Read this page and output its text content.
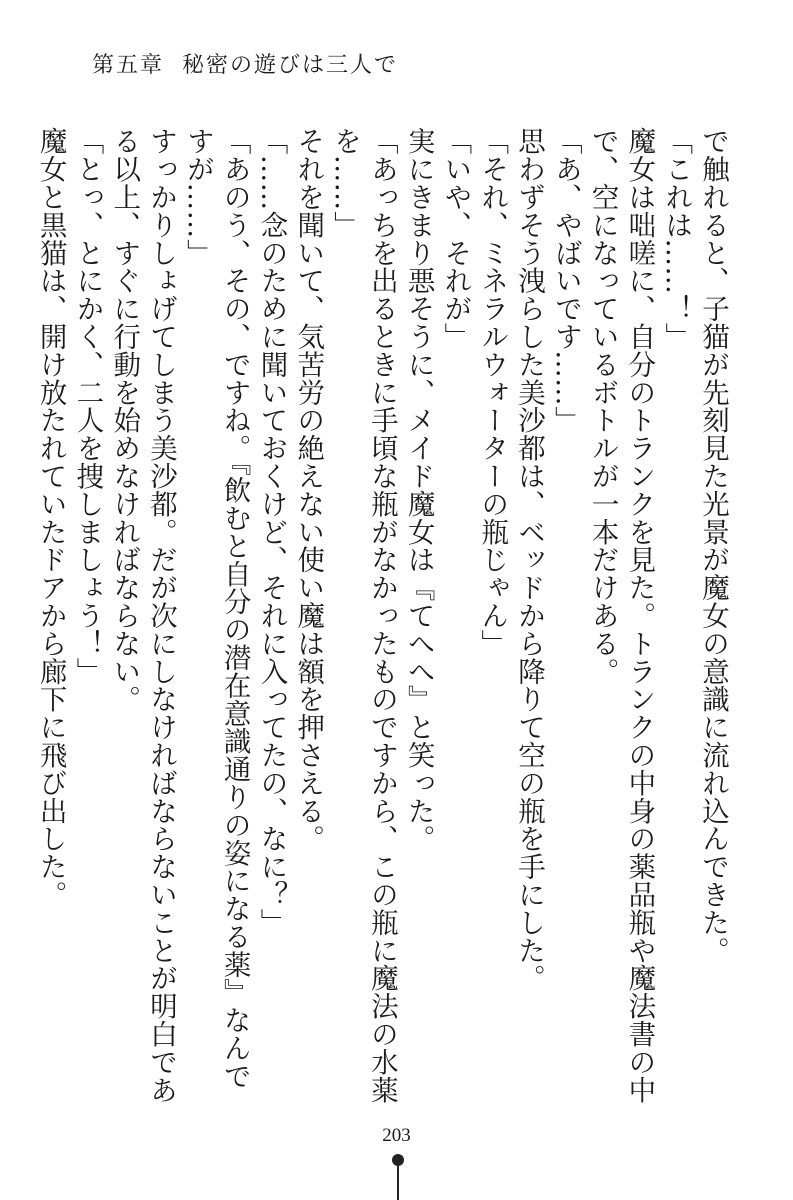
第五章 秘密の遊びは三人で

で触れると、子猫が先刻見た光景が魔女の意識に流れ込んできた。

「これは……！」

魔女は咄嗟に、自分のトランクを見た。トランクの中身の薬品瓶や魔法書の中で、空になっているボトルが一本だけある。

「あ、やばいです……」

思わずそう洩らした美沙都は、ベッドから降りて空の瓶を手にした。

「それ、ミネラルウォーターの瓶じゃん」

「いや、それが」

実にきまり悪そうに、メイド魔女は『てへへ』と笑った。

「あっちを出るときに手頃な瓶がなかったものですから、この瓶に魔法の水薬を……」

それを聞いて、気苦労の絶えない使い魔は額を押さえる。

「……念のために聞いておくけど、それに入ってたの、なに？」

「あのう、その、ですね。『飲むと自分の潜在意識通りの姿になる薬』なんですが……」

すっかりしょげてしまう美沙都。だが次にしなければならないことが明白である以上、すぐに行動を始めなければならない。

「とっ、とにかく、二人を捜しましょう！」

魔女と黒猫は、開け放たれていたドアから廊下に飛び出した。

203
